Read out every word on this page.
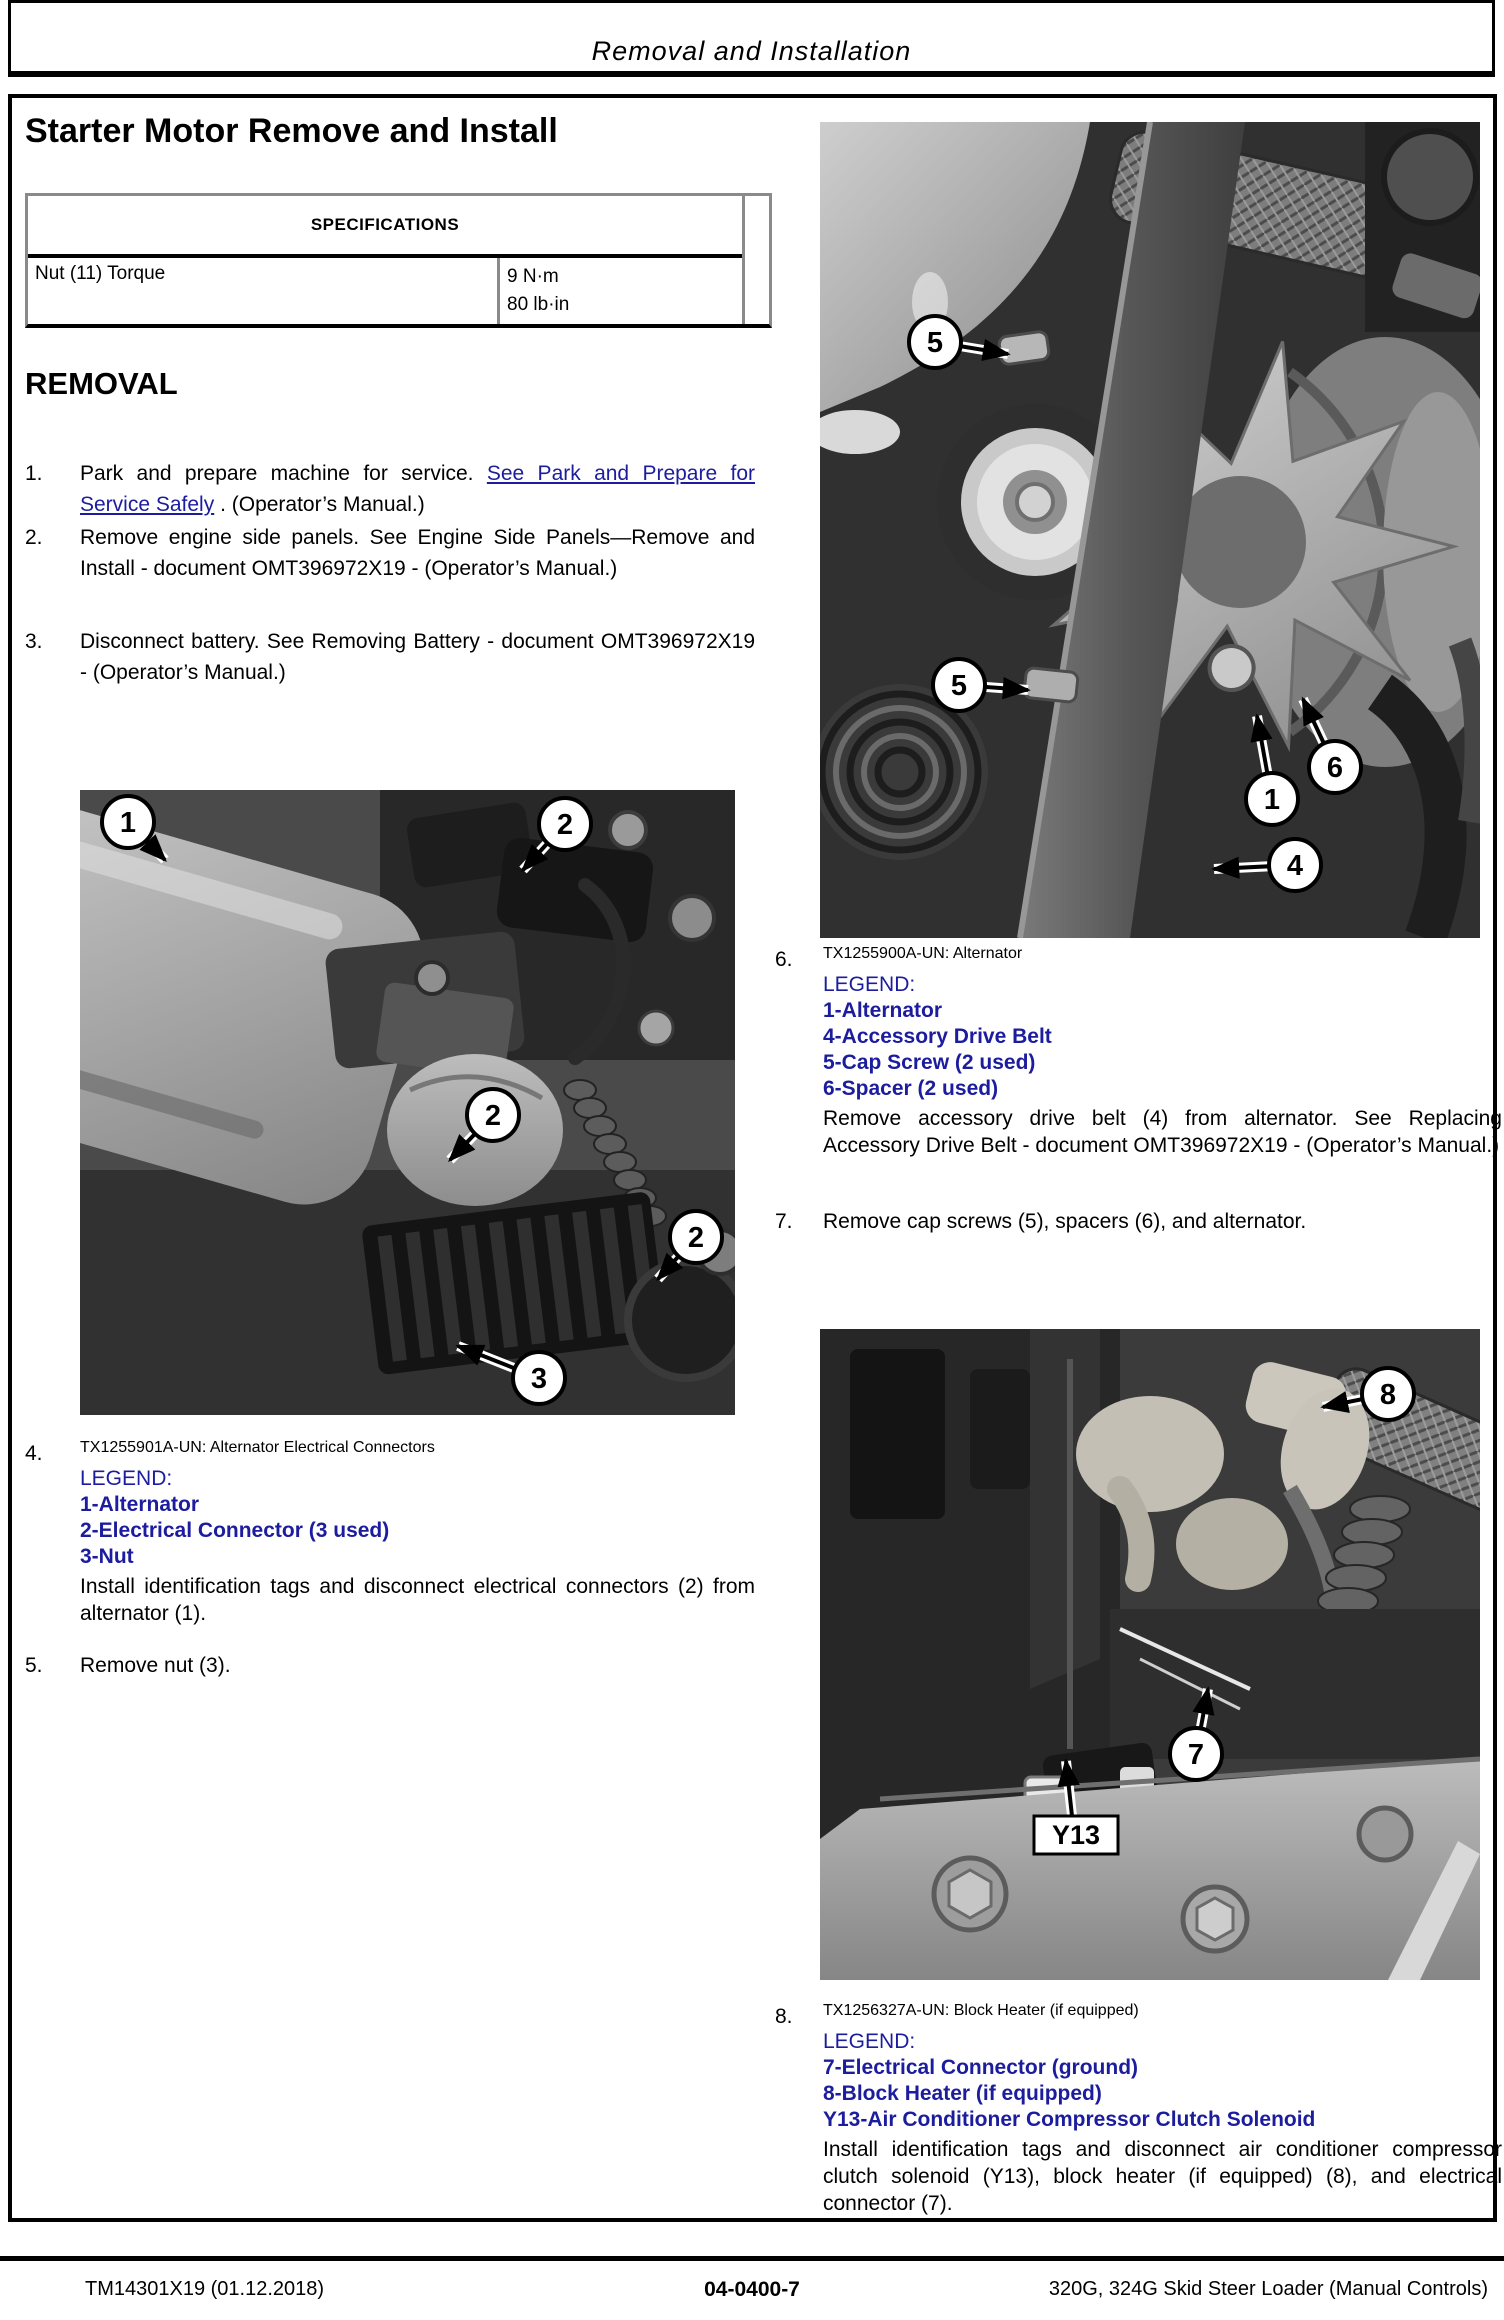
Removal and Installation
Starter Motor Remove and Install
SPECIFICATIONS
Nut (11) Torque	9 N·m
80 lb·in
REMOVAL
1. Park and prepare machine for service. See Park and Prepare for Service Safely . (Operator’s Manual.)
2. Remove engine side panels. See Engine Side Panels—Remove and Install - document OMT396972X19 - (Operator’s Manual.)
3. Disconnect battery. See Removing Battery - document OMT396972X19 - (Operator’s Manual.)
1	2
2
2
3
4. TX1255901A-UN: Alternator Electrical Connectors
LEGEND:
1-Alternator
2-Electrical Connector (3 used)
3-Nut
Install identification tags and disconnect electrical connectors (2) from alternator (1).
5. Remove nut (3).
5
5
6
1
4
6. TX1255900A-UN: Alternator
LEGEND:
1-Alternator
4-Accessory Drive Belt
5-Cap Screw (2 used)
6-Spacer (2 used)
Remove accessory drive belt (4) from alternator. See Replacing Accessory Drive Belt - document OMT396972X19 - (Operator’s Manual.)
7. Remove cap screws (5), spacers (6), and alternator.
Y13
8
7
8. TX1256327A-UN: Block Heater (if equipped)
LEGEND:
7-Electrical Connector (ground)
8-Block Heater (if equipped)
Y13-Air Conditioner Compressor Clutch Solenoid
Install identification tags and disconnect air conditioner compressor clutch solenoid (Y13), block heater (if equipped) (8), and electrical connector (7).
TM14301X19 (01.12.2018)	04-0400-7	320G, 324G Skid Steer Loader (Manual Controls)
